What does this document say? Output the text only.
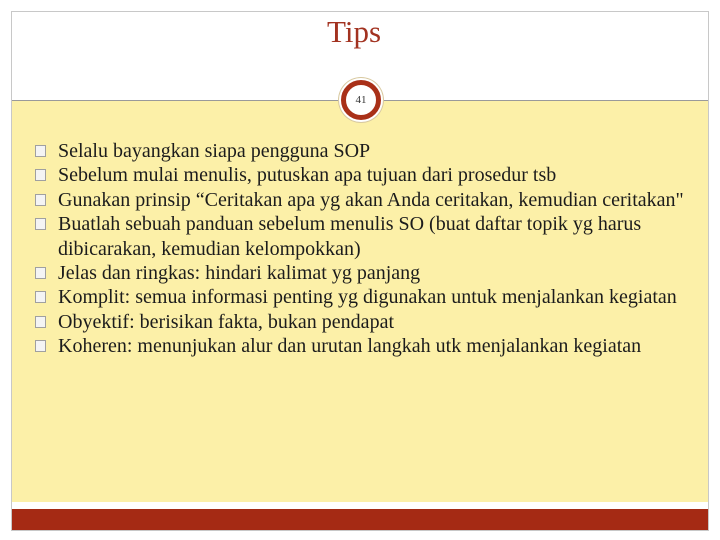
Tips
41
Selalu bayangkan siapa pengguna SOP
Sebelum mulai menulis, putuskan apa tujuan dari prosedur tsb
Gunakan prinsip “Ceritakan apa yg akan Anda ceritakan, kemudian ceritakan"
Buatlah sebuah panduan sebelum menulis SO (buat daftar topik yg harus dibicarakan, kemudian kelompokkan)
Jelas dan ringkas: hindari kalimat yg panjang
Komplit: semua informasi penting yg digunakan untuk menjalankan kegiatan
Obyektif: berisikan fakta, bukan pendapat
Koheren: menunjukan alur dan urutan langkah utk menjalankan kegiatan
